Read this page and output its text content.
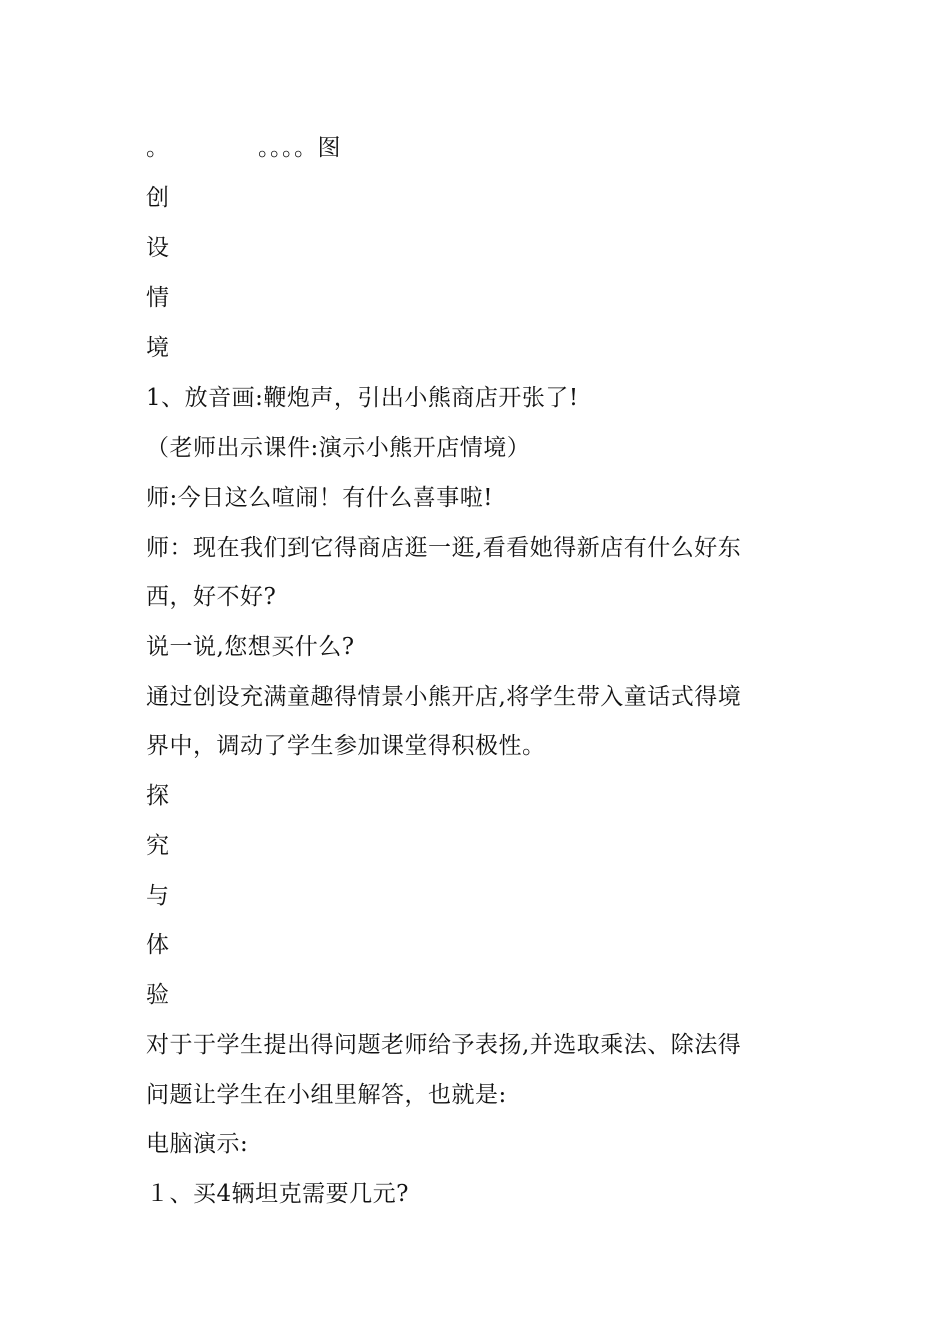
。	。。。。图
创
设
情
境
1、放音画:鞭炮声，引出小熊商店开张了!
（老师出示课件:演示小熊开店情境）
师:今日这么喧闹！有什么喜事啦!
师：现在我们到它得商店逛一逛,看看她得新店有什么好东
西，好不好?
说一说,您想买什么?
通过创设充满童趣得情景小熊开店,将学生带入童话式得境
界中，调动了学生参加课堂得积极性。
探
究
与
体
验
对于于学生提出得问题老师给予表扬,并选取乘法、除法得
问题让学生在小组里解答，也就是:
电脑演示:
１、买4辆坦克需要几元?
